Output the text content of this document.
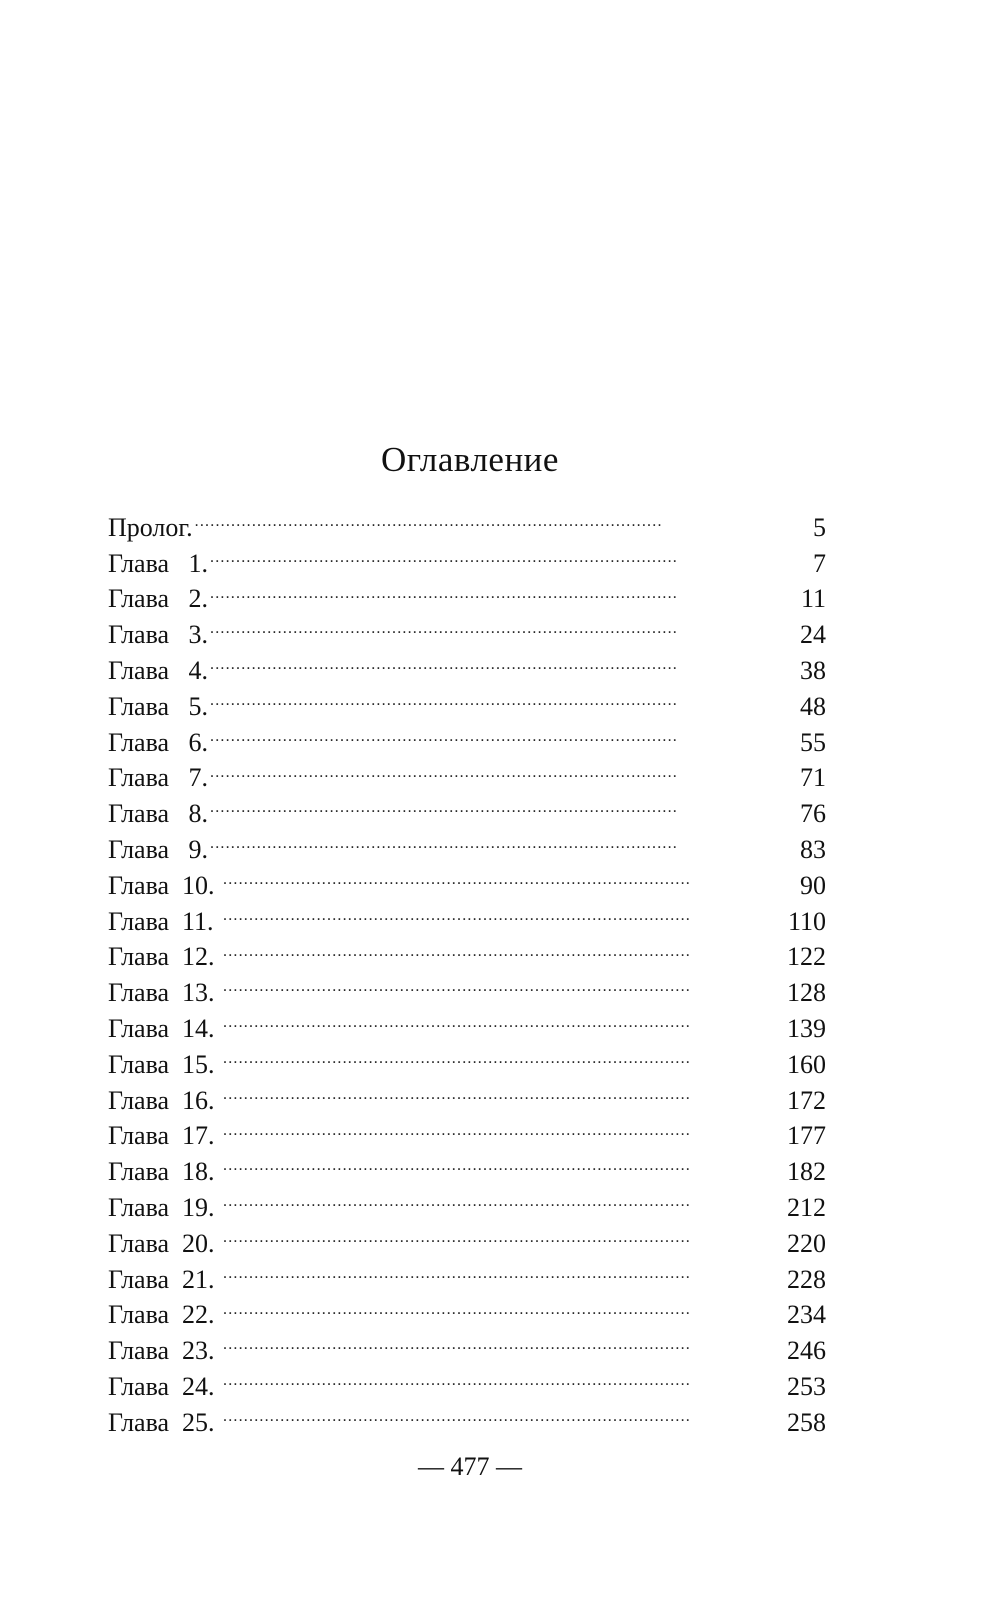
Оглавление
Пролог. . . .	5
Глава 1. . . .	7
Глава 2. . . .	11
Глава 3. . . .	24
Глава 4. . . .	38
Глава 5. . . .	48
Глава 6. . . .	55
Глава 7. . . .	71
Глава 8. . . .	76
Глава 9. . . .	83
Глава 10. . . .	90
Глава 11. . . .	110
Глава 12. . . .	122
Глава 13. . . .	128
Глава 14. . . .	139
Глава 15. . . .	160
Глава 16. . . .	172
Глава 17. . . .	177
Глава 18. . . .	182
Глава 19. . . .	212
Глава 20. . . .	220
Глава 21. . . .	228
Глава 22. . . .	234
Глава 23. . . .	246
Глава 24. . . .	253
Глава 25. . . .	258
— 477 —
